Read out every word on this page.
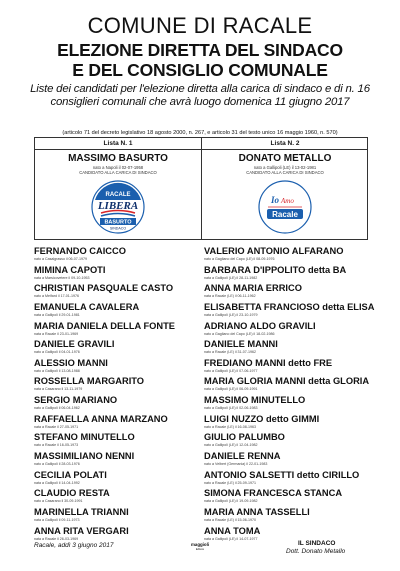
COMUNE DI RACALE
ELEZIONE DIRETTA DEL SINDACO
E DEL CONSIGLIO COMUNALE
Liste dei candidati per l'elezione diretta alla carica di sindaco e di n. 16 consiglieri comunali che avrà luogo domenica 11 giugno 2017
(articolo 71 del decreto legislativo 18 agosto 2000, n. 267, e articolo 31 del testo unico 16 maggio 1960, n. 570)
Lista N. 1
MASSIMO BASURTO
nato a Napoli il 02-07-1958
CANDIDATO ALLA CARICA DI SINDACO
RACALE
LIBERA
BASURTO
SINDACO
Lista N. 2
DONATO METALLO
nato a Gallipoli (LE) il 13-02-1981
CANDIDATO ALLA CARICA DI SINDACO
Io Amo
Racale
FERNANDO CAICCO
nato a Casalgrasso il 06-07-1979
MIMINA CAPOTI
nata a Marsicovetere il 09-10-1953
CHRISTIAN PASQUALE CASTO
nato a Melfard il 17-01-1976
EMANUELA CAVALERA
nata a Gallipoli il 29-01-1981
MARIA DANIELA DELLA FONTE
nata a Racale il 23-01-1969
DANIELE GRAVILI
nato a Gallipoli il 04-01-1976
ALESSIO MANNI
nato a Gallipoli il 13-08-1988
ROSSELLA MARGARITO
nata a Casarano il 13-11-1979
SERGIO MARIANO
nato a Gallipoli il 06-04-1962
RAFFAELLA ANNA MARZANO
nata a Racale il 27-05-1971
STEFANO MINUTELLO
nato a Racale il 16-05-1973
MASSIMILIANO NENNI
nato a Gallipoli il 28-03-1976
CECILIA POLATI
nata a Gallipoli il 14-04-1992
CLAUDIO RESTA
nato a Casarano il 30-09-1991
MARINELLA TRIANNI
nata a Gallipoli il 09-11-1973
ANNA RITA VERGARI
nata a Racale il 26-03-1969
VALERIO ANTONIO ALFARANO
nato a Gagliano del Capo (LE) il 08-09-1976
BARBARA D'IPPOLITO detta BA
nata a Gallipoli (LE) il 28-11-1982
ANNA MARIA ERRICO
nata a Racale (LE) il 06-11-1962
ELISABETTA FRANCIOSO detta ELISA
nata a Gallipoli (LE) il 23-10-1979
ADRIANO ALDO GRAVILI
nato a Gagliano del Capo (LE) il 18-02-1986
DANIELE MANNI
nato a Racale (LE) il 31-07-1962
FREDIANO MANNI detto FRE
nato a Gallipoli (LE) il 07-06-1977
MARIA GLORIA MANNI detta GLORIA
nata a Gallipoli (LE) il 06-09-1991
MASSIMO MINUTELLO
nato a Gallipoli (LE) il 02-06-1983
LUIGI NUZZO detto GIMMI
nato a Racale (LE) il 16-08-1963
GIULIO PALUMBO
nato a Gallipoli (LE) il 12-04-1982
DANIELE RENNA
nato a Velbert (Germania) il 22-01-1983
ANTONIO SALSETTI detto CIRILLO
nato a Racale (LE) il 25-09-1971
SIMONA FRANCESCA STANCA
nata a Gallipoli (LE) il 19-09-1982
MARIA ANNA TASSELLI
nata a Racale (LE) il 15-06-1970
ANNA TOMA
nata a Gallipoli (LE) il 14-07-1977
Racale, addì 3 giugno 2017	maggioli
Editore
IL SINDACO
Dott. Donato Metallo
